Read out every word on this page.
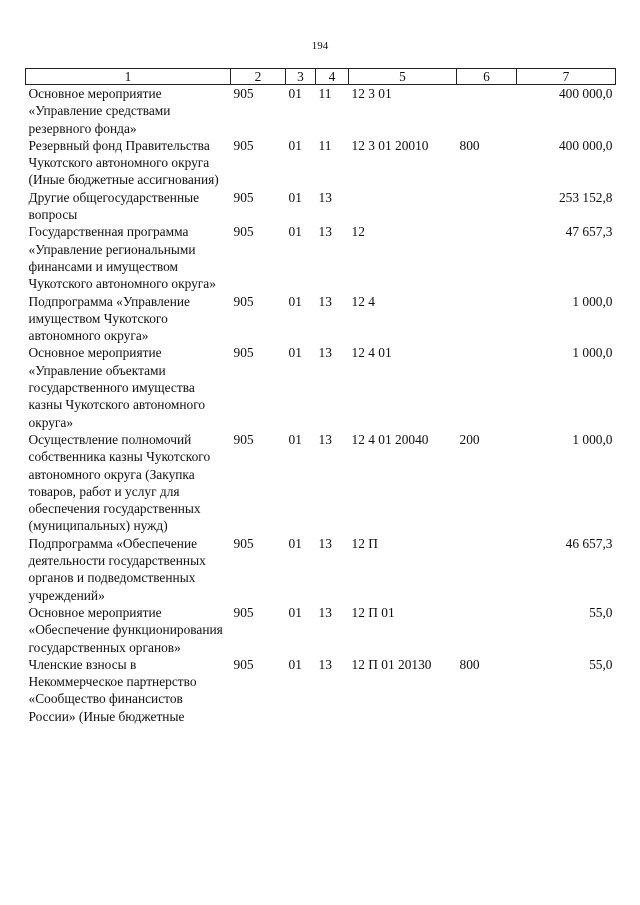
194
1	2	3	4	5	6	7
Основное мероприятие «Управление средствами резервного фонда»	905	01	11	12 3 01		400 000,0
Резервный фонд Правительства Чукотского автономного округа (Иные бюджетные ассигнования)	905	01	11	12 3 01 20010	800	400 000,0
Другие общегосударственные вопросы	905	01	13			253 152,8
Государственная программа «Управление региональными финансами и имуществом Чукотского автономного округа»	905	01	13	12		47 657,3
Подпрограмма «Управление имуществом Чукотского автономного округа»	905	01	13	12 4		1 000,0
Основное мероприятие «Управление объектами государственного имущества казны Чукотского автономного округа»	905	01	13	12 4 01		1 000,0
Осуществление полномочий собственника казны Чукотского автономного округа (Закупка товаров, работ и услуг для обеспечения государственных (муниципальных) нужд)	905	01	13	12 4 01 20040	200	1 000,0
Подпрограмма «Обеспечение деятельности государственных органов и подведомственных учреждений»	905	01	13	12 П		46 657,3
Основное мероприятие «Обеспечение функционирования государственных органов»	905	01	13	12 П 01		55,0
Членские взносы в Некоммерческое партнерство «Сообщество финансистов России» (Иные бюджетные	905	01	13	12 П 01 20130	800	55,0
